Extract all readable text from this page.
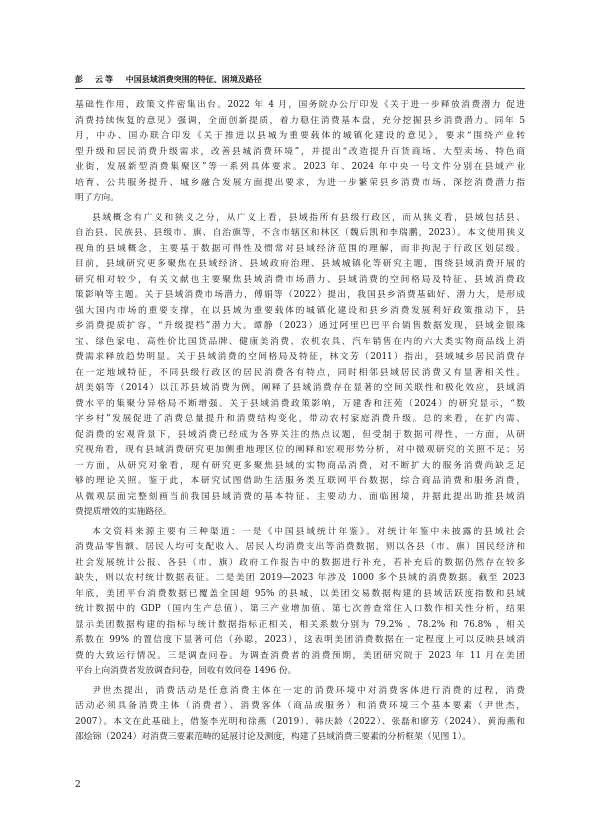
彭　云等 中国县域消费突围的特征、困境及路径
基础性作用，政策文件密集出台。2022 年 4 月，国务院办公厅印发《关于进一步释放消费潜力 促进
消费持续恢复的意见》强调，全面创新提质，着力稳住消费基本盘，充分挖掘县乡消费潜力。同年 5
月，中办、国办联合印发《关于推进以县城为重要载体的城镇化建设的意见》，要求“围绕产业转
型升级和居民消费升级需求，改善县城消费环境”，并提出“改造提升百货商场、大型卖场、特色商
业街，发展新型消费集聚区”等一系列具体要求。2023 年、2024 年中央一号文件分别在县域产业
培育、公共服务提升、城乡融合发展方面提出要求，为进一步繁荣县乡消费市场、深挖消费潜力指
明了方向。
县域概念有广义和狭义之分，从广义上看，县域指所有县级行政区，而从狭义看，县域包括县、
自治县、民族县、县级市、旗、自治旗等，不含市辖区和林区（魏后凯和李瑞鹏，2023）。本文使用狭义
视角的县域概念，主要基于数据可得性及惯常对县域经济范围的理解，而非拘泥于行政区划层级。
目前，县域研究更多聚焦在县域经济、县域政府治理、县域城镇化等研究主题，围绕县域消费开展的
研究相对较少，有关文献也主要聚焦县域消费市场潜力、县域消费的空间格局及特征、县域消费政
策影响等主题。关于县域消费市场潜力，傅娟等（2022）提出，我国县乡消费基础好、潜力大，是形成
强大国内市场的重要支撑，在以县域为重要载体的城镇化建设和县乡消费发展利好政策推动下，县
乡消费提质扩容，“升级提档”潜力大。谭静（2023）通过阿里巴巴平台销售数据发现，县域金银珠
宝、绿色家电、高性价比国货品牌、健康美消费、农机农具、汽车销售在内的六大类实物商品线上消
费需求释放趋势明显。关于县域消费的空间格局及特征，林文芳（2011）指出，县域城乡居民消费存
在一定地域特征，不同县级行政区的居民消费各有特点，同时相邻县域居民消费又有显著相关性。
胡美娟等（2014）以江苏县域消费为例，阐释了县域消费存在显著的空间关联性和极化效应，县域消
费水平的集聚分异格局不断增强。关于县域消费政策影响，万建香和汪苑（2024）的研究显示，“数
字乡村”发展促进了消费总量提升和消费结构变化，带动农村家庭消费升级。总的来看，在扩内需、
促消费的宏观背景下，县域消费已经成为各界关注的热点议题，但受制于数据可得性，一方面，从研
究视角看，现有县域消费研究更加侧重地理区位的阐释和宏观形势分析，对中微观研究的关照不足；另
一方面，从研究对象看，现有研究更多聚焦县域的实物商品消费，对不断扩大的服务消费尚缺乏足
够的理论关照。鉴于此，本研究试图借助生活服务类互联网平台数据，综合商品消费和服务消费，
从微观层面完整刻画当前我国县域消费的基本特征、主要动力、面临困境，并据此提出助推县域消
费提质增效的实施路径。
本文资料来源主要有三种渠道：一是《中国县域统计年鉴》。对统计年鉴中未披露的县域社会
消费品零售额、居民人均可支配收入、居民人均消费支出等消费数据，则以各县（市、旗）国民经济和
社会发展统计公报、各县（市、旗）政府工作报告中的数据进行补充，若补充后的数据仍然存在较多
缺失，则以农村统计数据表征。二是美团 2019—2023 年涉及 1000 多个县域的消费数据。截至 2023
年底，美团平台消费数据已覆盖全国超 95% 的县城，以美团交易数据构建的县域活跃度指数和县域
统计数据中的 GDP（国内生产总值）、第三产业增加值、第七次普查常住人口数作相关性分析，结果
显示美团数据构建的指标与统计数据指标正相关，相关系数分别为 79.2% 、78.2% 和 76.8% ，相关
系数在 99% 的置信度下显著可信（孙聪，2023），这表明美团消费数据在一定程度上可以反映县域消
费的大致运行情况。三是调查问卷。为调查消费者的消费预期，美团研究院于 2023 年 11 月在美团
平台上向消费者发放调查问卷，回收有效问卷 1496 份。
尹世杰提出，消费活动是任意消费主体在一定的消费环境中对消费客体进行消费的过程，消费
活动必须具备消费主体（消费者）、消费客体（商品或服务）和消费环境三个基本要素（尹世杰，
2007）。本文在此基础上，借鉴李光明和徐燕（2019）、韩庆龄（2022）、张磊和廖芳（2024）、黄海燕和
邵烩锦（2024）对消费三要素范畴的延展讨论及测度，构建了县域消费三要素的分析框架（见图 1）。
2
